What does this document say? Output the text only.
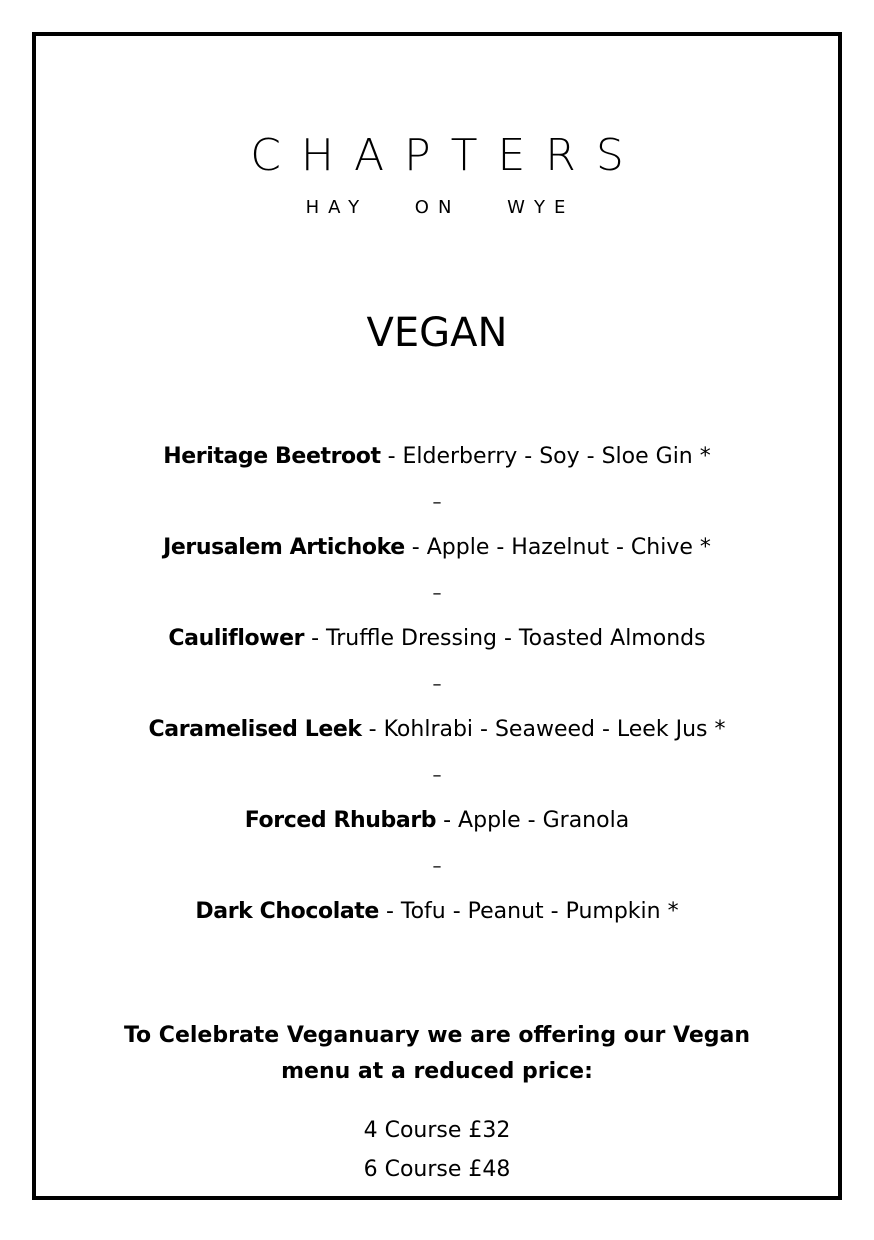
CHAPTERS
HAY ON WYE
VEGAN
Heritage Beetroot - Elderberry - Soy - Sloe Gin *
–
Jerusalem Artichoke - Apple - Hazelnut - Chive *
–
Cauliflower - Truffle Dressing - Toasted Almonds
–
Caramelised Leek - Kohlrabi - Seaweed - Leek Jus *
–
Forced Rhubarb - Apple - Granola
–
Dark Chocolate - Tofu - Peanut - Pumpkin *
To Celebrate Veganuary we are offering our Vegan
menu at a reduced price:
4 Course £32
6 Course £48
